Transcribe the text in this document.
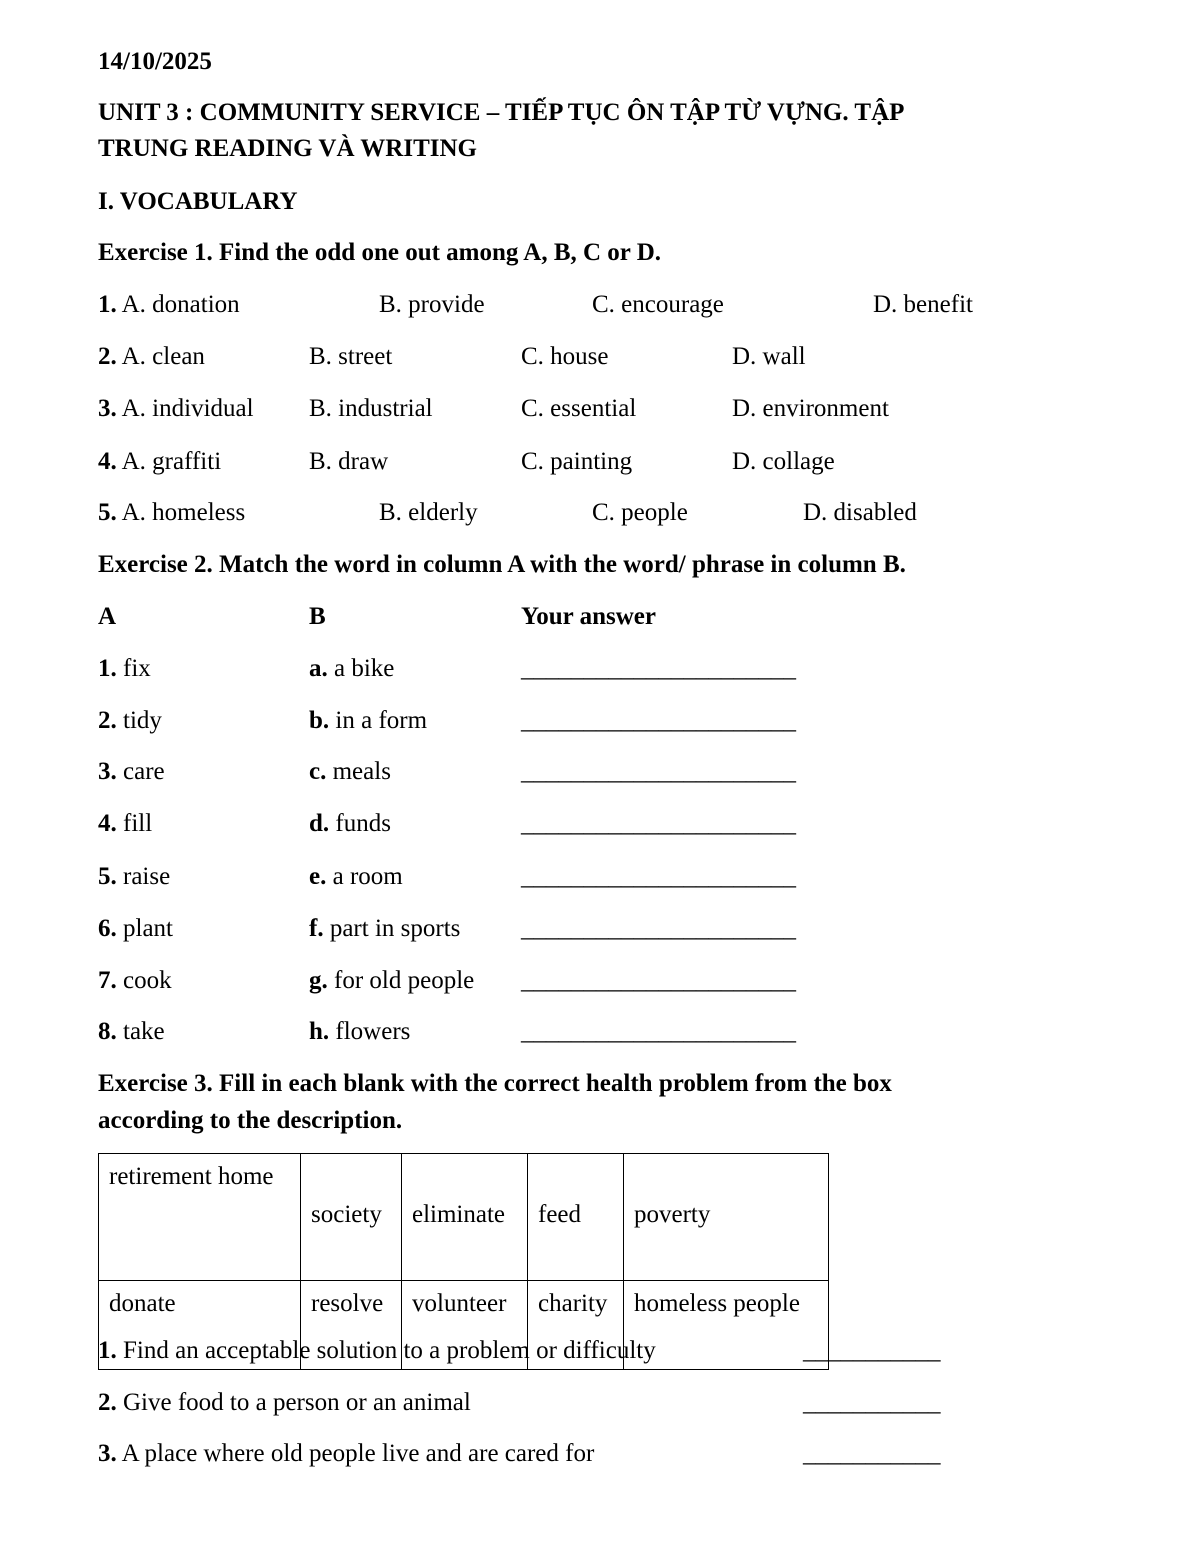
14/10/2025
UNIT 3 : COMMUNITY SERVICE – TIẾP TỤC ÔN TẬP TỪ VỰNG. TẬP
TRUNG READING VÀ WRITING
I. VOCABULARY
Exercise 1. Find the odd one out among A, B, C or D.
1. A. donation	B. provide	C. encourage	D. benefit
2. A. clean	B. street	C. house	D. wall
3. A. individual B. industrial	C. essential	D. environment
4. A. graffiti	B. draw	C. painting	D. collage
5. A. homeless	B. elderly	C. people	D. disabled
Exercise 2. Match the word in column A with the word/ phrase in column B.
A	B	Your answer
1. fix	a. a bike	______________________
2. tidy	b. in a form	______________________
3. care	c. meals	______________________
4. fill	d. funds	______________________
5. raise	e. a room	______________________
6. plant	f. part in sports ______________________
7. cook	g. for old people ______________________
8. take	h. flowers	______________________
Exercise 3. Fill in each blank with the correct health problem from the box
according to the description.
retirement home	society	eliminate	feed	poverty
donate	resolve	volunteer	charity	homeless people
1. Find an acceptable solution to a problem or difficulty	___________
2. Give food to a person or an animal	___________
3. A place where old people live and are cared for	___________
